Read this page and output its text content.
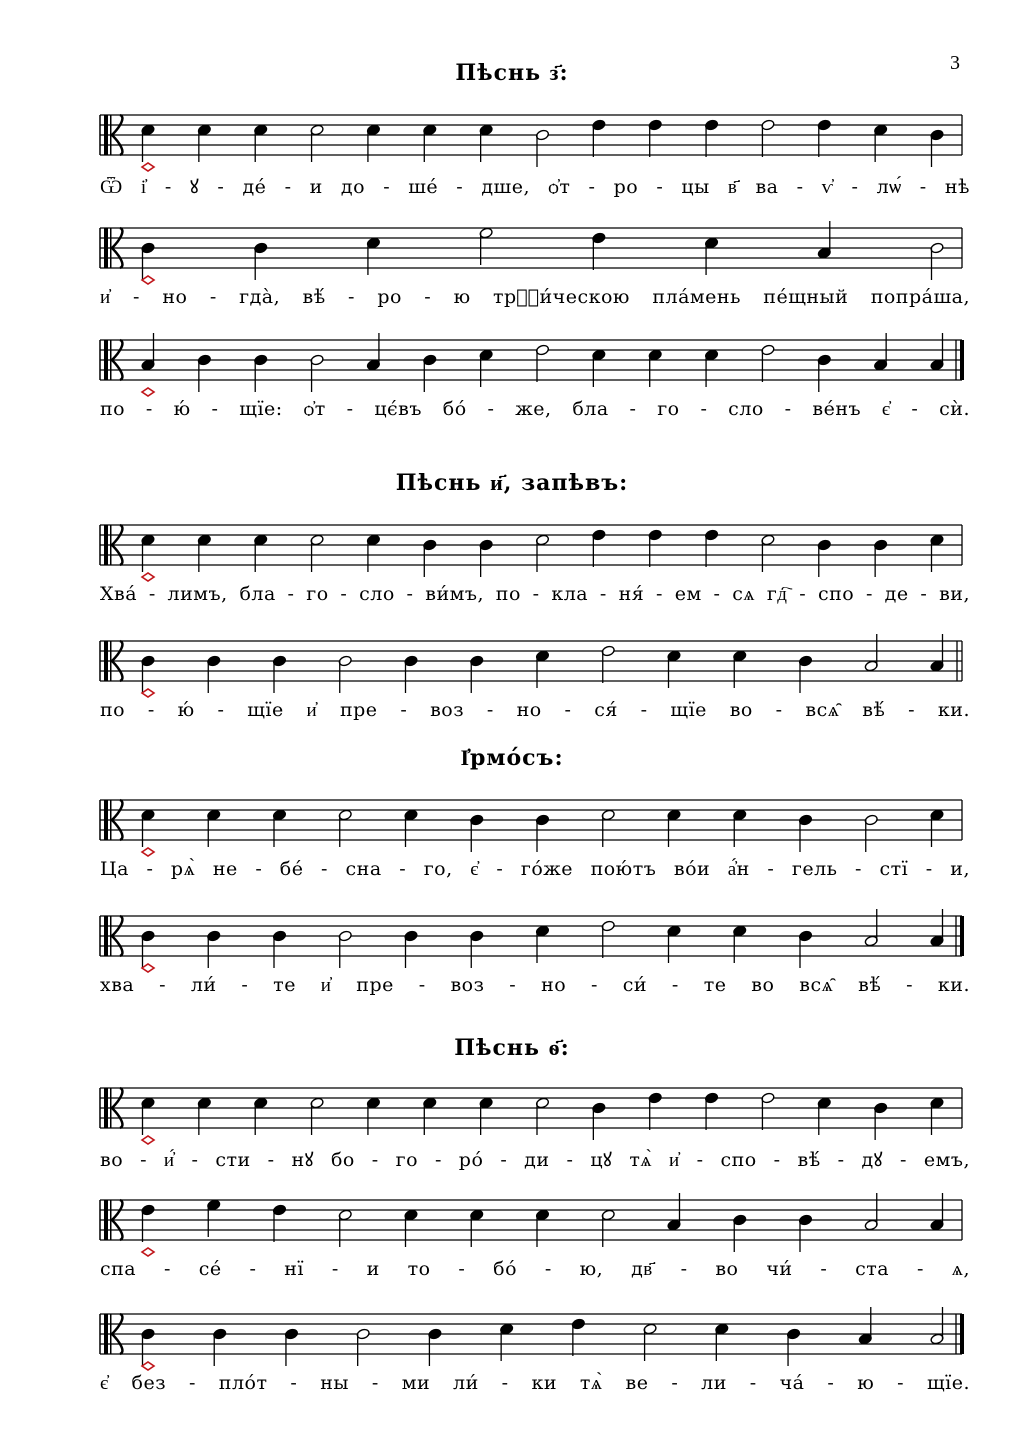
3
Пѣснь з҃:
Ѿ і҆ - ꙋ - де́ - и до - ше́ - дше, ѻ҆т - ро - цы в҃ ва - ѵ҆ - лѡ́ - нѣ
и҆ - но - гда̀, вѣ́ - ро - ю трⷪ҇и́ческою пла́мень пе́щный попра́ша,
по - ю́ - щїе: ѻ҆т - цє́въ бо́ - же, бла - го - сло - ве́нъ є҆ - сѝ.
Пѣснь и҃, запѣвъ:
Хва́ - лимъ, бла - го - сло - ви́мъ, по - кла - ня́ - ем - сѧ гд҇ - спо - де - ви,
по - ю́ - щїе и҆ пре - воз - но - ся́ - щїе во - всѧ̑ вѣ́ - ки.
І҆рмо́съ:
Ца - рѧ̀ не - бе́ - сна - го, є҆ - го́же пою́тъ во́и а҆́н - гель - стї - и,
хва - ли́ - те и҆ пре - воз - но - си́ - те во всѧ̑ вѣ́ - ки.
Пѣснь ѳ҃:
во - и҆́ - сти - нꙋ бо - го - ро́ - ди - цꙋ тѧ̀ и҆ - спо - вѣ́ - дꙋ - емъ,
спа - се́ - нї - и то - бо́ - ю, дв҃ - во чи́ - ста - ѧ,
є҆ без - пло́т - ны - ми ли́ - ки тѧ̀ ве - ли - ча́ - ю - щїе.
